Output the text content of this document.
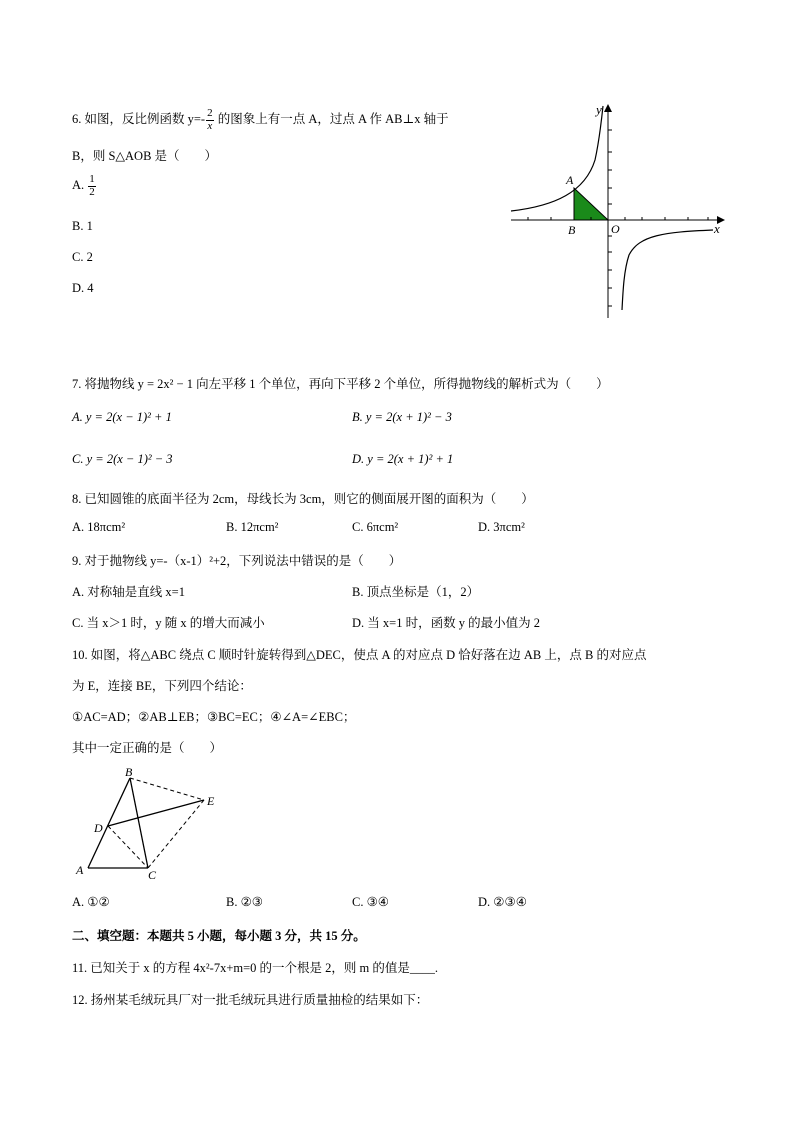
6. 如图，反比例函数 $y=- \frac{2}{x}$ 的图象上有一点 A，过点 A 作 AB⊥x 轴于
B，则 S△AOB 是（　　）
A. $\frac{1}{2}$
B. 1
C. 2
D. 4
y
x
A
B	O
7. 将抛物线 y = 2x² − 1 向左平移 1 个单位，再向下平移 2 个单位，所得抛物线的解析式为（　　）
A. y = 2(x − 1)² + 1	B. y = 2(x + 1)² − 3
C. y = 2(x − 1)² − 3	D. y = 2(x + 1)² + 1
8. 已知圆锥的底面半径为 2cm，母线长为 3cm，则它的侧面展开图的面积为（　　）
A. 18πcm²	B. 12πcm²	C. 6πcm²	D. 3πcm²
9. 对于抛物线 y=-（x-1）²+2，下列说法中错误的是（　　）
A. 对称轴是直线 x=1	B. 顶点坐标是（1，2）
C. 当 x＞1 时，y 随 x 的增大而减小	D. 当 x=1 时，函数 y 的最小值为 2
10. 如图，将△ABC 绕点 C 顺时针旋转得到△DEC，使点 A 的对应点 D 恰好落在边 AB 上，点 B 的对应点
为 E，连接 BE，下列四个结论：
①AC=AD；②AB⊥EB；③BC=EC；④∠A=∠EBC；
其中一定正确的是（　　）
B
E
D
A	C
A. ①②	B. ②③	C. ③④	D. ②③④
二、填空题：本题共 5 小题，每小题 3 分，共 15 分。
11. 已知关于 x 的方程 4x²-7x+m=0 的一个根是 2，则 m 的值是____.
12. 扬州某毛绒玩具厂对一批毛绒玩具进行质量抽检的结果如下：
